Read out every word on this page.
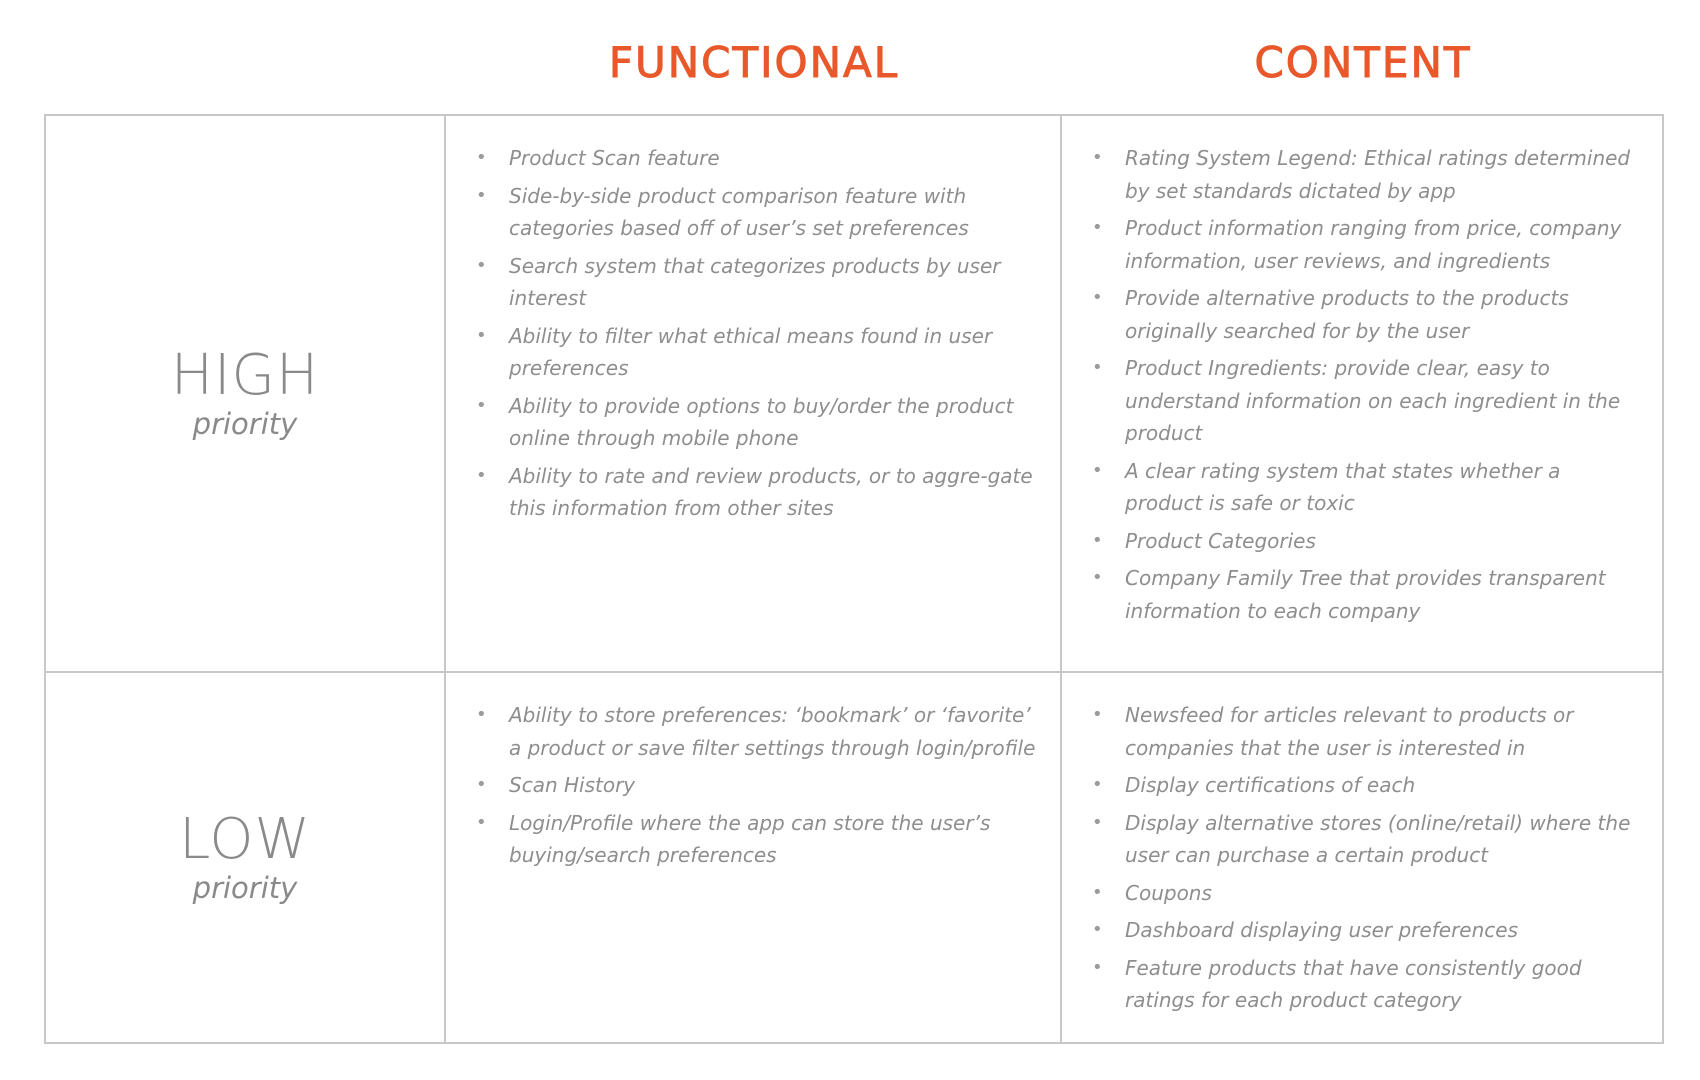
FUNCTIONAL	CONTENT
HIGH
priority
• Product Scan feature
• Side-by-side product comparison feature with categories based off of user’s set preferences
• Search system that categorizes products by user interest
• Ability to filter what ethical means found in user preferences
• Ability to provide options to buy/order the product online through mobile phone
• Ability to rate and review products, or to aggre-gate this information from other sites
• Rating System Legend: Ethical ratings determined by set standards dictated by app
• Product information ranging from price, company information, user reviews, and ingredients
• Provide alternative products to the products originally searched for by the user
• Product Ingredients: provide clear, easy to understand information on each ingredient in the product
• A clear rating system that states whether a product is safe or toxic
• Product Categories
• Company Family Tree that provides transparent information to each company
LOW
priority
• Ability to store preferences: ‘bookmark’ or ‘favorite’ a product or save filter settings through login/profile
• Scan History
• Login/Profile where the app can store the user’s buying/search preferences
• Newsfeed for articles relevant to products or companies that the user is interested in
• Display certifications of each
• Display alternative stores (online/retail) where the user can purchase a certain product
• Coupons
• Dashboard displaying user preferences
• Feature products that have consistently good ratings for each product category
